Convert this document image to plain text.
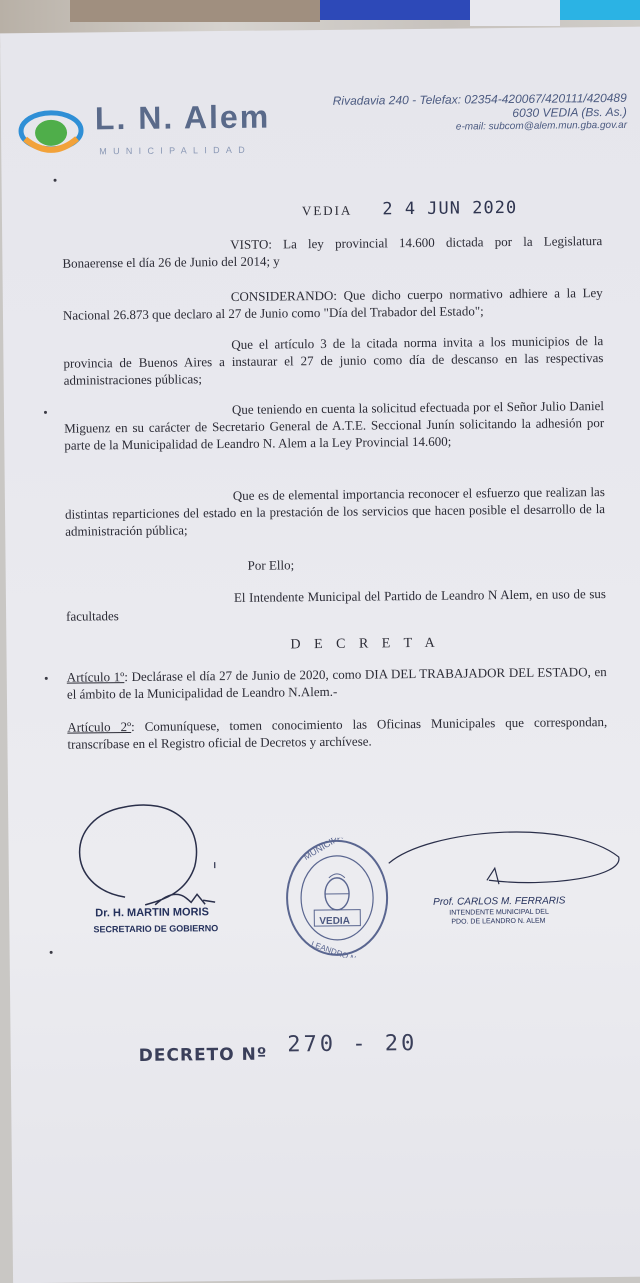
L. N. Alem
MUNICIPALIDAD
Rivadavia 240 - Telefax: 02354-420067/420111/420489
6030 VEDIA (Bs. As.)
e-mail: subcom@alem.mun.gba.gov.ar
VEDIA 2 4 JUN 2020
VISTO: La ley provincial 14.600 dictada por la Legislatura Bonaerense el día 26 de Junio del 2014; y
CONSIDERANDO: Que dicho cuerpo normativo adhiere a la Ley Nacional 26.873 que declaro al 27 de Junio como "Día del Trabador del Estado";
Que el artículo 3 de la citada norma invita a los municipios de la provincia de Buenos Aires a instaurar el 27 de junio como día de descanso en las respectivas administraciones públicas;
Que teniendo en cuenta la solicitud efectuada por el Señor Julio Daniel Miguenz en su carácter de Secretario General de A.T.E. Seccional Junín solicitando la adhesión por parte de la Municipalidad de Leandro N. Alem a la Ley Provincial 14.600;
Que es de elemental importancia reconocer el esfuerzo que realizan las distintas reparticiones del estado en la prestación de los servicios que hacen posible el desarrollo de la administración pública;
Por Ello;
El Intendente Municipal del Partido de Leandro N Alem, en uso de sus facultades
D E C R E T A
Artículo 1º: Declárase el día 27 de Junio de 2020, como DIA DEL TRABAJADOR DEL ESTADO, en el ámbito de la Municipalidad de Leandro N.Alem.-
Artículo 2º: Comuníquese, tomen conocimiento las Oficinas Municipales que correspondan, transcríbase en el Registro oficial de Decretos y archívese.
Dr. H. MARTIN MORIS
SECRETARIO DE GOBIERNO
MUNICIPALIDAD
LEANDRO N. ALEM
VEDIA
Prof. CARLOS M. FERRARIS
INTENDENTE MUNICIPAL DEL
PDO. DE LEANDRO N. ALEM
DECRETO Nº 270 - 20
